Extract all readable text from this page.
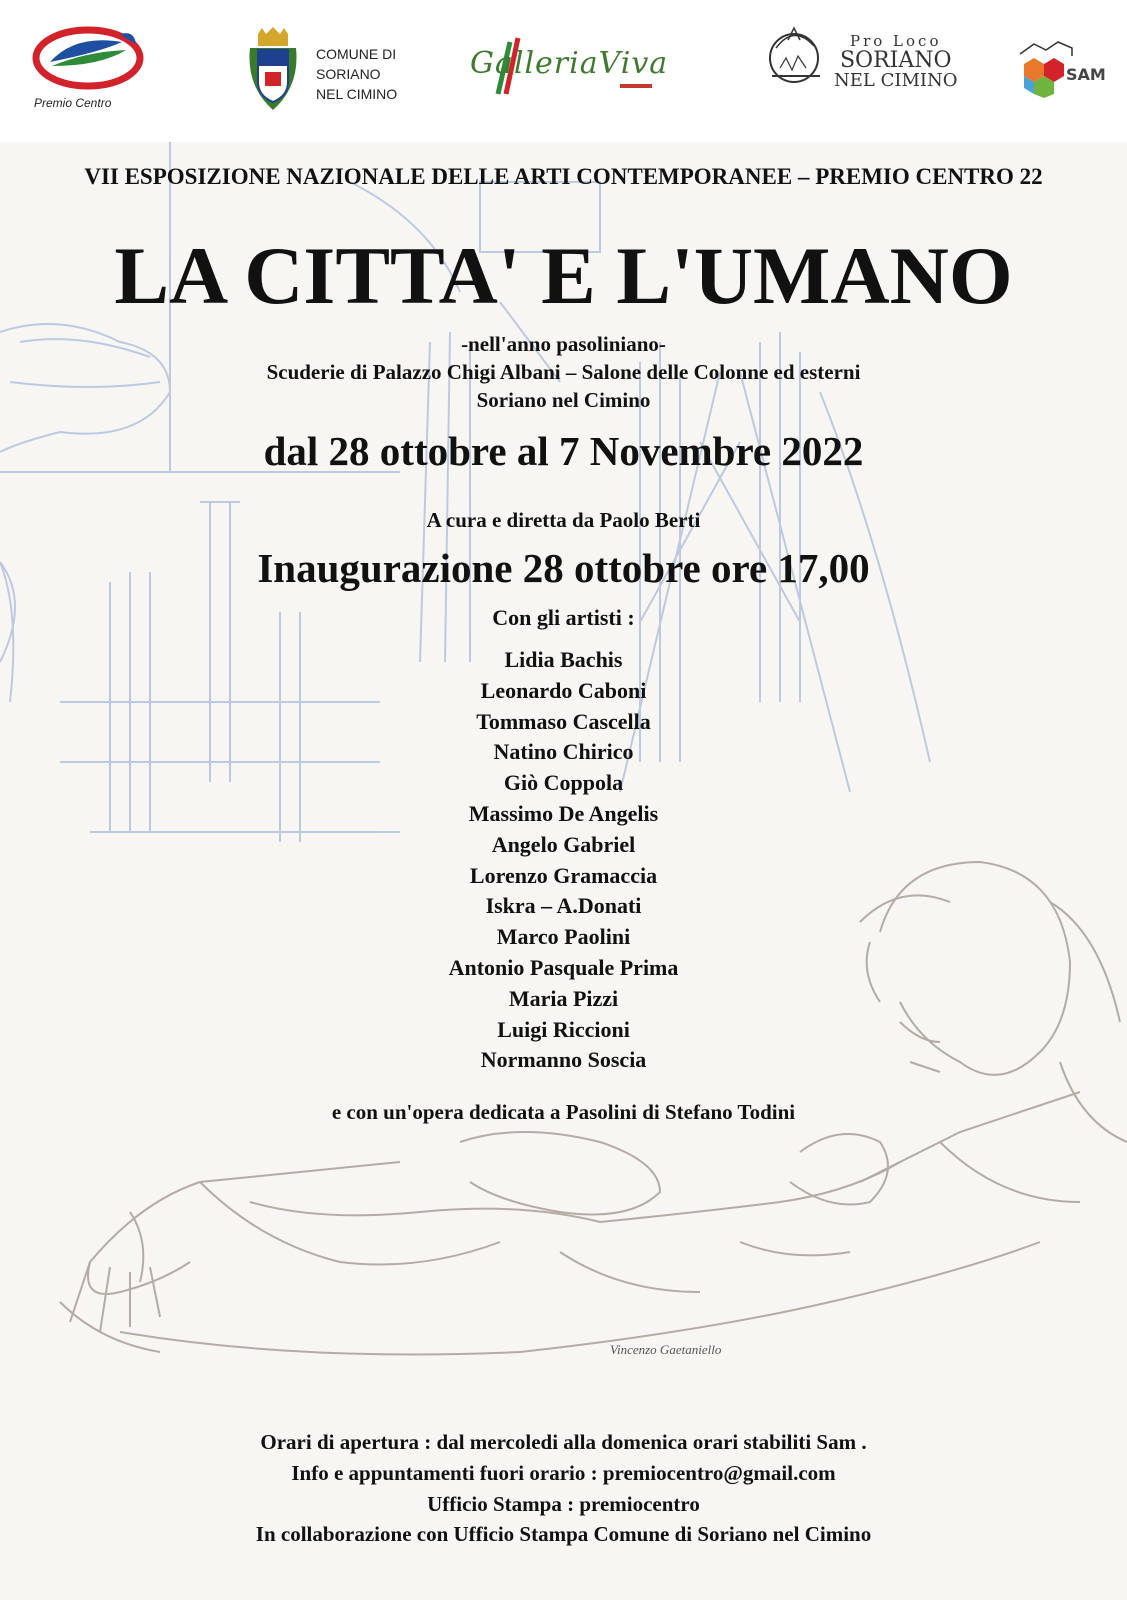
Premio Centro
COMUNE DI
SORIANO
NEL CIMINO
GalleriaViva
Pro Loco
SORIANO
NEL CIMINO	SAM
VII ESPOSIZIONE NAZIONALE DELLE ARTI CONTEMPORANEE – PREMIO CENTRO 22
LA CITTA' E L'UMANO
-nell'anno pasoliniano-
Scuderie di Palazzo Chigi Albani – Salone delle Colonne ed esterni
Soriano nel Cimino
dal 28 ottobre al 7 Novembre 2022
A cura e diretta da Paolo Berti
Inaugurazione 28 ottobre ore 17,00
Con gli artisti :
Lidia Bachis
Leonardo Caboni
Tommaso Cascella
Natino Chirico
Giò Coppola
Massimo De Angelis
Angelo Gabriel
Lorenzo Gramaccia
Iskra – A.Donati
Marco Paolini
Antonio Pasquale Prima
Maria Pizzi
Luigi Riccioni
Normanno Soscia
e con un'opera dedicata a Pasolini di Stefano Todini
Vincenzo Gaetaniello
Orari di apertura : dal mercoledi alla domenica orari stabiliti Sam .
Info e appuntamenti fuori orario : premiocentro@gmail.com
Ufficio Stampa : premiocentro
In collaborazione con Ufficio Stampa Comune di Soriano nel Cimino
